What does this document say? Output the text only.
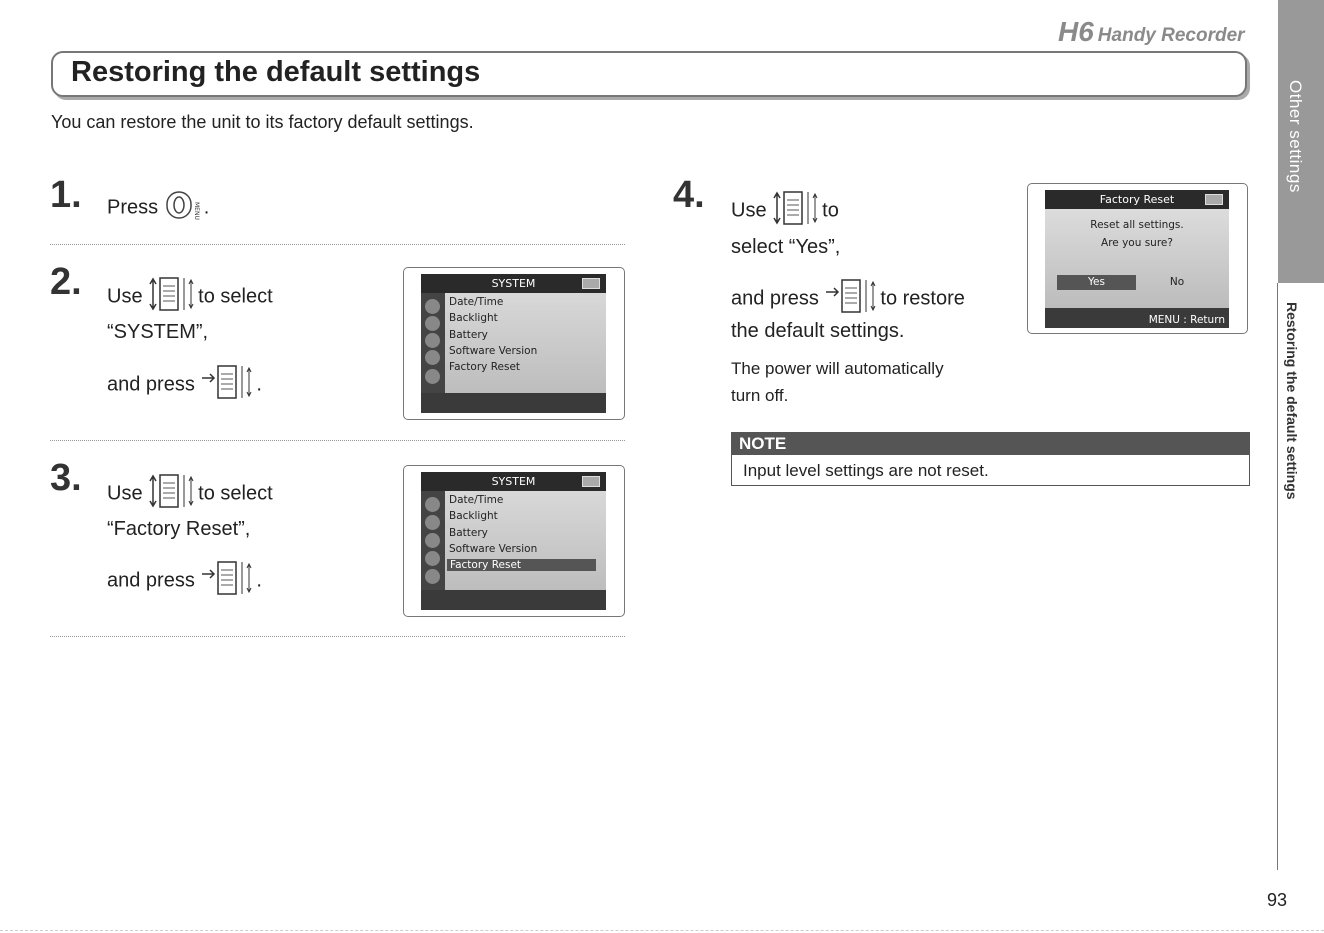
H6 Handy Recorder
Restoring the default settings
You can restore the unit to its factory default settings.
1. Press	MENU .
2. Use	to select
“SYSTEM”,
and press	.
SYSTEM
Date/Time
Backlight
Battery
Software Version
Factory Reset
3. Use	to select
“Factory Reset”,
and press	.
SYSTEM
Date/Time
Backlight
Battery
Software Version
Factory Reset
4. Use	to
select “Yes”,
and press	to restore
the default settings.
The power will automatically
turn off.
Factory Reset
Reset all settings.
Are you sure?
Yes	No
MENU : Return
NOTE
Input level settings are not reset.
Other settings
Restoring the default settings
93
